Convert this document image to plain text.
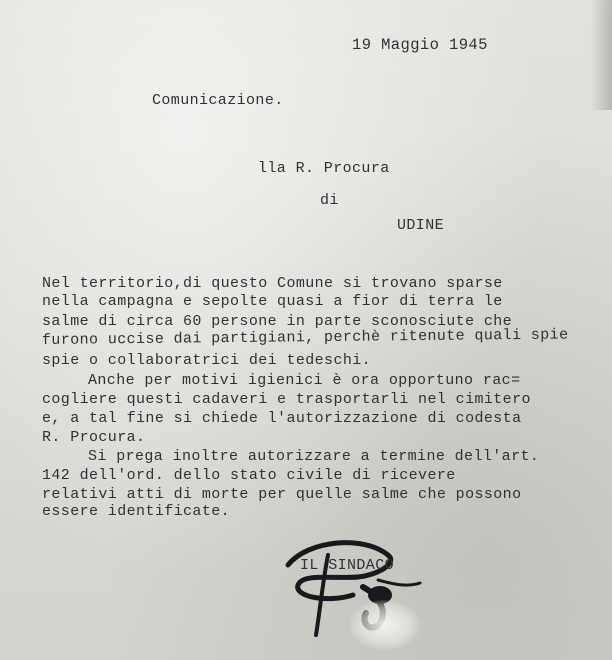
19 Maggio 1945
Comunicazione.
lla R. Procura
di
UDINE
Nel territorio,di questo Comune si trovano sparse
nella campagna e sepolte quasi a fior di terra le
salme di circa 60 persone in parte sconosciute che
furono uccise dai partigiani, perchè ritenute quali spie
spie o collaboratrici dei tedeschi.
Anche per motivi igienici è ora opportuno rac=
cogliere questi cadaveri e trasportarli nel cimitero
e, a tal fine si chiede l'autorizzazione di codesta
R. Procura.
Si prega inoltre autorizzare a termine dell'art.
142 dell'ord. dello stato civile di ricevere
relativi atti di morte per quelle salme che possono
essere identificate.
IL SINDACO
